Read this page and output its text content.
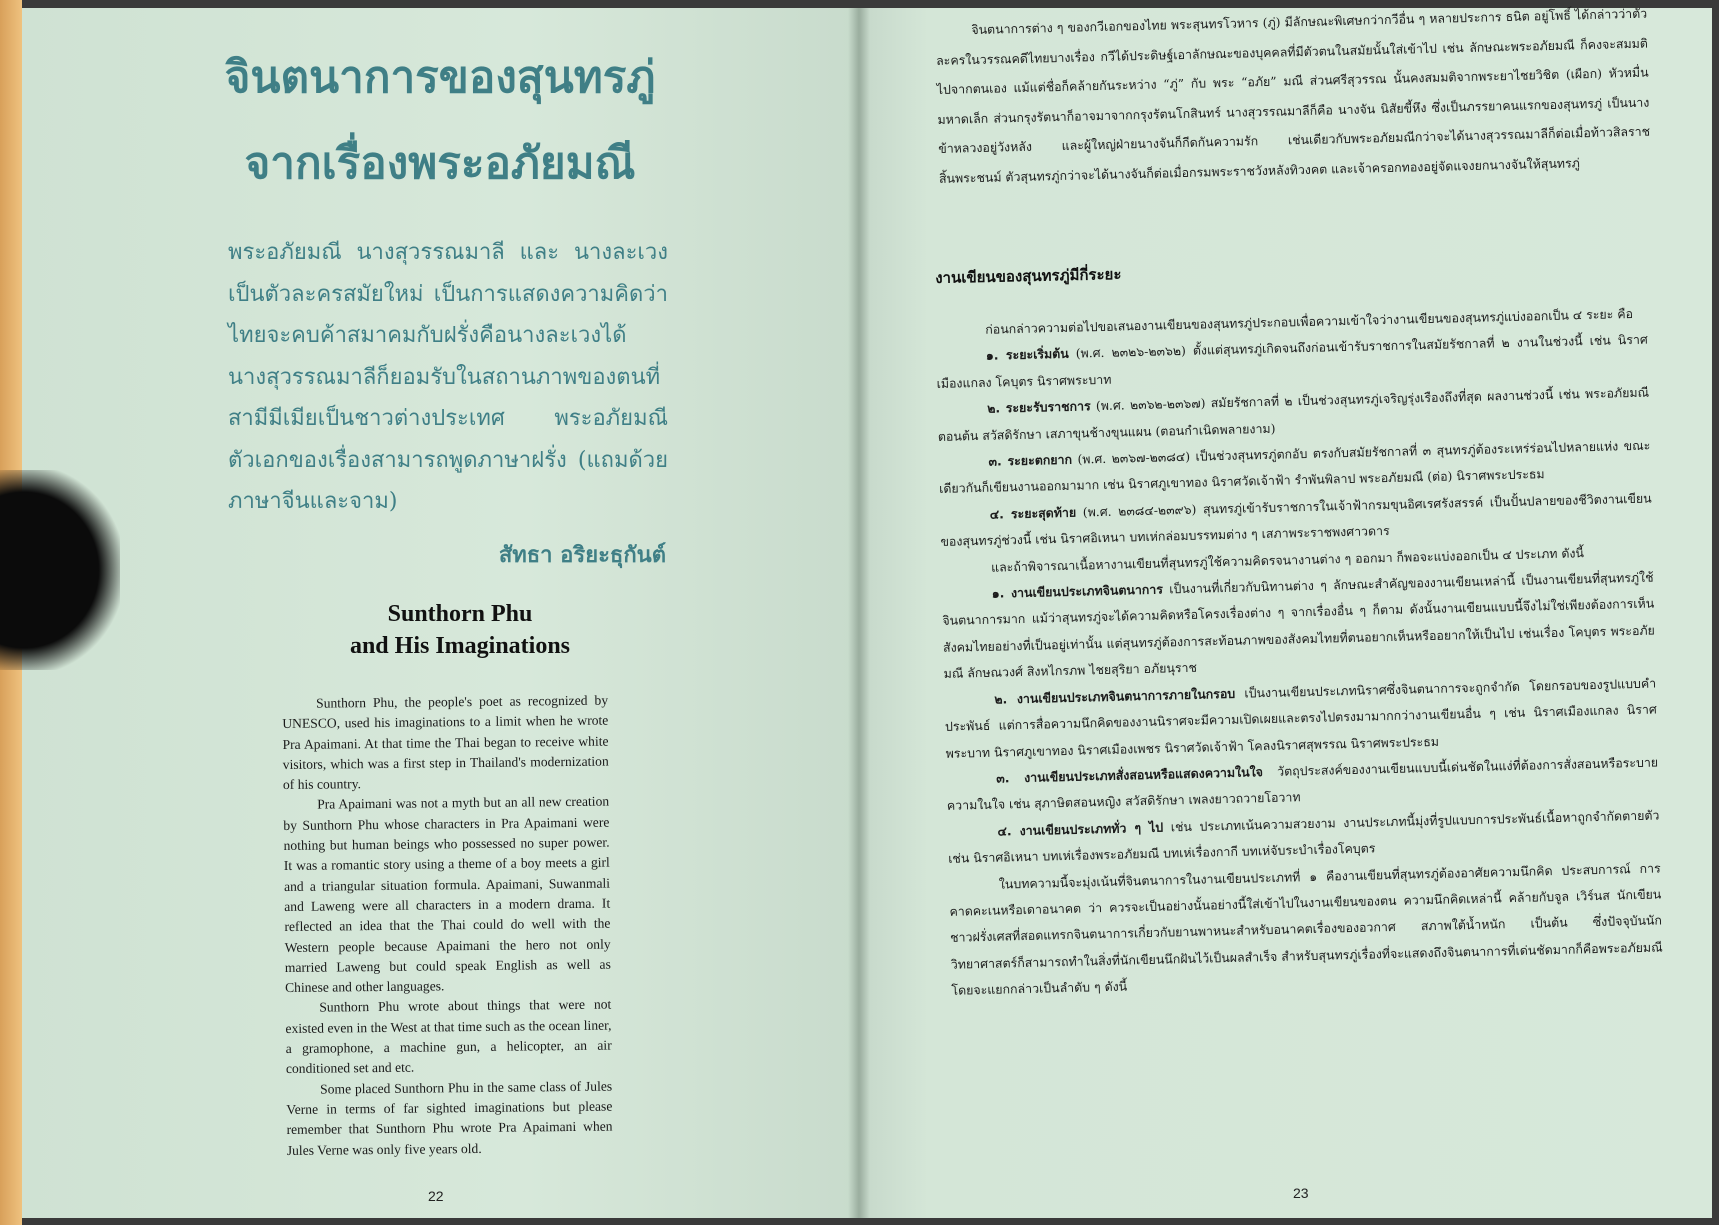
จินตนาการของสุนทรภู่
จากเรื่องพระอภัยมณี

พระอภัยมณี นางสุวรรณมาลี และ นางละเวง เป็นตัวละครสมัยใหม่ เป็นการแสดงความคิดว่า ไทยจะคบค้าสมาคมกับฝรั่งคือนางละเวงได้ นางสุวรรณมาลีก็ยอมรับในสถานภาพของตนที่สามีมีเมียเป็นชาวต่างประเทศ พระอภัยมณีตัวเอกของเรื่องสามารถพูดภาษาฝรั่ง (แถมด้วยภาษาจีนและจาม)

สัทธา อริยะธุกันต์
Sunthorn Phu
and His Imaginations

Sunthorn Phu, the people's poet as recognized by UNESCO, used his imaginations to a limit when he wrote Pra Apaimani. At that time the Thai began to receive white visitors, which was a first step in Thailand's modernization of his country.

Pra Apaimani was not a myth but an all new creation by Sunthorn Phu whose characters in Pra Apaimani were nothing but human beings who possessed no super power. It was a romantic story using a theme of a boy meets a girl and a triangular situation formula. Apaimani, Suwanmali and Laweng were all characters in a modern drama. It reflected an idea that the Thai could do well with the Western people because Apaimani the hero not only married Laweng but could speak English as well as Chinese and other languages.

Sunthorn Phu wrote about things that were not existed even in the West at that time such as the ocean liner, a gramophone, a machine gun, a helicopter, an air conditioned set and etc.

Some placed Sunthorn Phu in the same class of Jules Verne in terms of far sighted imaginations but please remember that Sunthorn Phu wrote Pra Apaimani when Jules Verne was only five years old.

22

จินตนาการต่าง ๆ ของกวีเอกของไทย พระสุนทรโวหาร (ภู่) มีลักษณะพิเศษกว่ากวีอื่น ๆ หลายประการ ธนิต อยู่โพธิ์ ได้กล่าวว่าตัวละครในวรรณคดีไทยบางเรื่อง กวีได้ประดิษฐ์เอาลักษณะของบุคคลที่มีตัวตนในสมัยนั้นใส่เข้าไป เช่น ลักษณะพระอภัยมณี ก็คงจะสมมติไปจากตนเอง แม้แต่ชื่อก็คล้ายกันระหว่าง “ภู่” กับ พระ “อภัย” มณี ส่วนศรีสุวรรณ นั้นคงสมมติจากพระยาไชยวิชิต (เผือก) หัวหมื่นมหาดเล็ก ส่วนกรุงรัตนาก็อาจมาจากกรุงรัตนโกสินทร์ นางสุวรรณมาลีก็คือ นางจัน นิสัยขี้หึง ซึ่งเป็นภรรยาคนแรกของสุนทรภู่ เป็นนางข้าหลวงอยู่วังหลัง และผู้ใหญ่ฝ่ายนางจันก็กีดกันความรัก เช่นเดียวกับพระอภัยมณีกว่าจะได้นางสุวรรณมาลีก็ต่อเมื่อท้าวสิลราชสิ้นพระชนม์ ตัวสุนทรภู่กว่าจะได้นางจันก็ต่อเมื่อกรมพระราชวังหลังทิวงคต และเจ้าครอกทองอยู่จัดแจงยกนางจันให้สุนทรภู่

งานเขียนของสุนทรภู่มีกี่ระยะ

ก่อนกล่าวความต่อไปขอเสนองานเขียนของสุนทรภู่ประกอบเพื่อความเข้าใจว่างานเขียนของสุนทรภู่แบ่งออกเป็น ๔ ระยะ คือ

๑. ระยะเริ่มต้น (พ.ศ. ๒๓๒๖-๒๓๖๒) ตั้งแต่สุนทรภู่เกิดจนถึงก่อนเข้ารับราชการในสมัยรัชกาลที่ ๒ งานในช่วงนี้ เช่น นิราศเมืองแกลง โคบุตร นิราศพระบาท

๒. ระยะรับราชการ (พ.ศ. ๒๓๖๒-๒๓๖๗) สมัยรัชกาลที่ ๒ เป็นช่วงสุนทรภู่เจริญรุ่งเรืองถึงที่สุด ผลงานช่วงนี้ เช่น พระอภัยมณีตอนต้น สวัสดิรักษา เสภาขุนช้างขุนแผน (ตอนกำเนิดพลายงาม)

๓. ระยะตกยาก (พ.ศ. ๒๓๖๗-๒๓๘๔) เป็นช่วงสุนทรภู่ตกอับ ตรงกับสมัยรัชกาลที่ ๓ สุนทรภู่ต้องระเหร่ร่อนไปหลายแห่ง ขณะเดียวกันก็เขียนงานออกมามาก เช่น นิราศภูเขาทอง นิราศวัดเจ้าฟ้า รำพันพิลาป พระอภัยมณี (ต่อ) นิราศพระประธม

๔. ระยะสุดท้าย (พ.ศ. ๒๓๘๔-๒๓๙๖) สุนทรภู่เข้ารับราชการในเจ้าฟ้ากรมขุนอิศเรศรังสรรค์ เป็นปั้นปลายของชีวิตงานเขียนของสุนทรภู่ช่วงนี้ เช่น นิราศอิเหนา บทเห่กล่อมบรรทมต่าง ๆ เสภาพระราชพงศาวดาร

และถ้าพิจารณาเนื้อหางานเขียนที่สุนทรภู่ใช้ความคิดรจนางานต่าง ๆ ออกมา ก็พอจะแบ่งออกเป็น ๔ ประเภท ดังนี้

๑. งานเขียนประเภทจินตนาการ เป็นงานที่เกี่ยวกับนิทานต่าง ๆ ลักษณะสำคัญของงานเขียนเหล่านี้ เป็นงานเขียนที่สุนทรภู่ใช้จินตนาการมาก แม้ว่าสุนทรภู่จะได้ความคิดหรือโครงเรื่องต่าง ๆ จากเรื่องอื่น ๆ ก็ตาม ดังนั้นงานเขียนแบบนี้จึงไม่ใช่เพียงต้องการเห็นสังคมไทยอย่างที่เป็นอยู่เท่านั้น แต่สุนทรภู่ต้องการสะท้อนภาพของสังคมไทยที่ตนอยากเห็นหรืออยากให้เป็นไป เช่นเรื่อง โคบุตร พระอภัยมณี ลักษณวงศ์ สิงหไกรภพ ไชยสุริยา อภัยนุราช

๒. งานเขียนประเภทจินตนาการภายในกรอบ เป็นงานเขียนประเภทนิราศซึ่งจินตนาการจะถูกจำกัด โดยกรอบของรูปแบบคำประพันธ์ แต่การสื่อความนึกคิดของงานนิราศจะมีความเปิดเผยและตรงไปตรงมามากกว่างานเขียนอื่น ๆ เช่น นิราศเมืองแกลง นิราศพระบาท นิราศภูเขาทอง นิราศเมืองเพชร นิราศวัดเจ้าฟ้า โคลงนิราศสุพรรณ นิราศพระประธม

๓. งานเขียนประเภทสั่งสอนหรือแสดงความในใจ วัตถุประสงค์ของงานเขียนแบบนี้เด่นชัดในแง่ที่ต้องการสั่งสอนหรือระบายความในใจ เช่น สุภาษิตสอนหญิง สวัสดิรักษา เพลงยาวถวายโอวาท

๔. งานเขียนประเภททั่ว ๆ ไป เช่น ประเภทเน้นความสวยงาม งานประเภทนี้มุ่งที่รูปแบบการประพันธ์เนื้อหาถูกจำกัดตายตัว เช่น นิราศอิเหนา บทเห่เรื่องพระอภัยมณี บทเห่เรื่องกากี บทเห่จับระบำเรื่องโคบุตร

ในบทความนี้จะมุ่งเน้นที่จินตนาการในงานเขียนประเภทที่ ๑ คืองานเขียนที่สุนทรภู่ต้องอาศัยความนึกคิด ประสบการณ์ การคาดคะเนหรือเดาอนาคต ว่า ควรจะเป็นอย่างนั้นอย่างนี้ใส่เข้าไปในงานเขียนของตน ความนึกคิดเหล่านี้ คล้ายกับจูล เวิร์นส นักเขียนชาวฝรั่งเศสที่สอดแทรกจินตนาการเกี่ยวกับยานพาหนะสำหรับอนาคตเรื่องของอวกาศ สภาพใต้น้ำหนัก เป็นต้น ซึ่งปัจจุบันนักวิทยาศาสตร์ก็สามารถทำในสิ่งที่นักเขียนนึกฝันไว้เป็นผลสำเร็จ สำหรับสุนทรภู่เรื่องที่จะแสดงถึงจินตนาการที่เด่นชัดมากก็คือพระอภัยมณี โดยจะแยกกล่าวเป็นลำดับ ๆ ดังนี้

23
